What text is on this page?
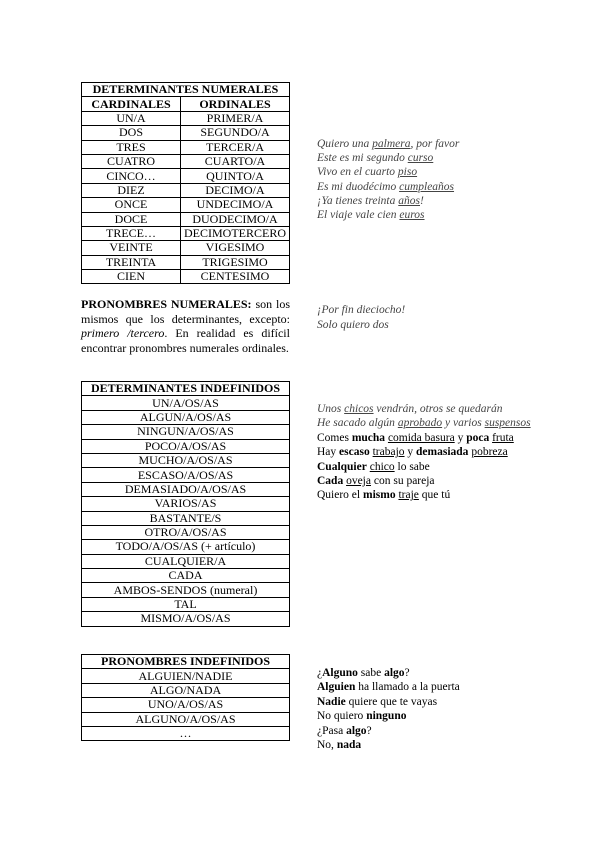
DETERMINANTES NUMERALES	
CARDINALES	ORDINALES
UN/A	PRIMER/A
DOS	SEGUNDO/A
TRES	TERCER/A
CUATRO	CUARTO/A
CINCO…	QUINTO/A
DIEZ	DECIMO/A
ONCE	UNDECIMO/A
DOCE	DUODECIMO/A
TRECE…	DECIMOTERCERO
VEINTE	VIGESIMO
TREINTA	TRIGESIMO
CIEN	CENTESIMO
Quiero una palmera, por favor
Este es mi segundo curso
Vivo en el cuarto piso
Es mi duodécimo cumpleaños
¡Ya tienes treinta años!
El viaje vale cien euros
PRONOMBRES NUMERALES: son los mismos que los determinantes, excepto: primero /tercero. En realidad es difícil encontrar pronombres numerales ordinales.
¡Por fin dieciocho!
Solo quiero dos
DETERMINANTES INDEFINIDOS
UN/A/OS/AS
ALGUN/A/OS/AS
NINGUN/A/OS/AS
POCO/A/OS/AS
MUCHO/A/OS/AS
ESCASO/A/OS/AS
DEMASIADO/A/OS/AS
VARIOS/AS
BASTANTE/S
OTRO/A/OS/AS
TODO/A/OS/AS (+ artículo)
CUALQUIER/A
CADA
AMBOS-SENDOS (numeral)
TAL
MISMO/A/OS/AS
Unos chicos vendrán, otros se quedarán
He sacado algún aprobado y varios suspensos
Comes mucha comida basura y poca fruta
Hay escaso trabajo y demasiada pobreza
Cualquier chico lo sabe
Cada oveja con su pareja
Quiero el mismo traje que tú
PRONOMBRES INDEFINIDOS
ALGUIEN/NADIE
ALGO/NADA
UNO/A/OS/AS
ALGUNO/A/OS/AS
…
¿Alguno sabe algo?
Alguien ha llamado a la puerta
Nadie quiere que te vayas
No quiero ninguno
¿Pasa algo?
No, nada
